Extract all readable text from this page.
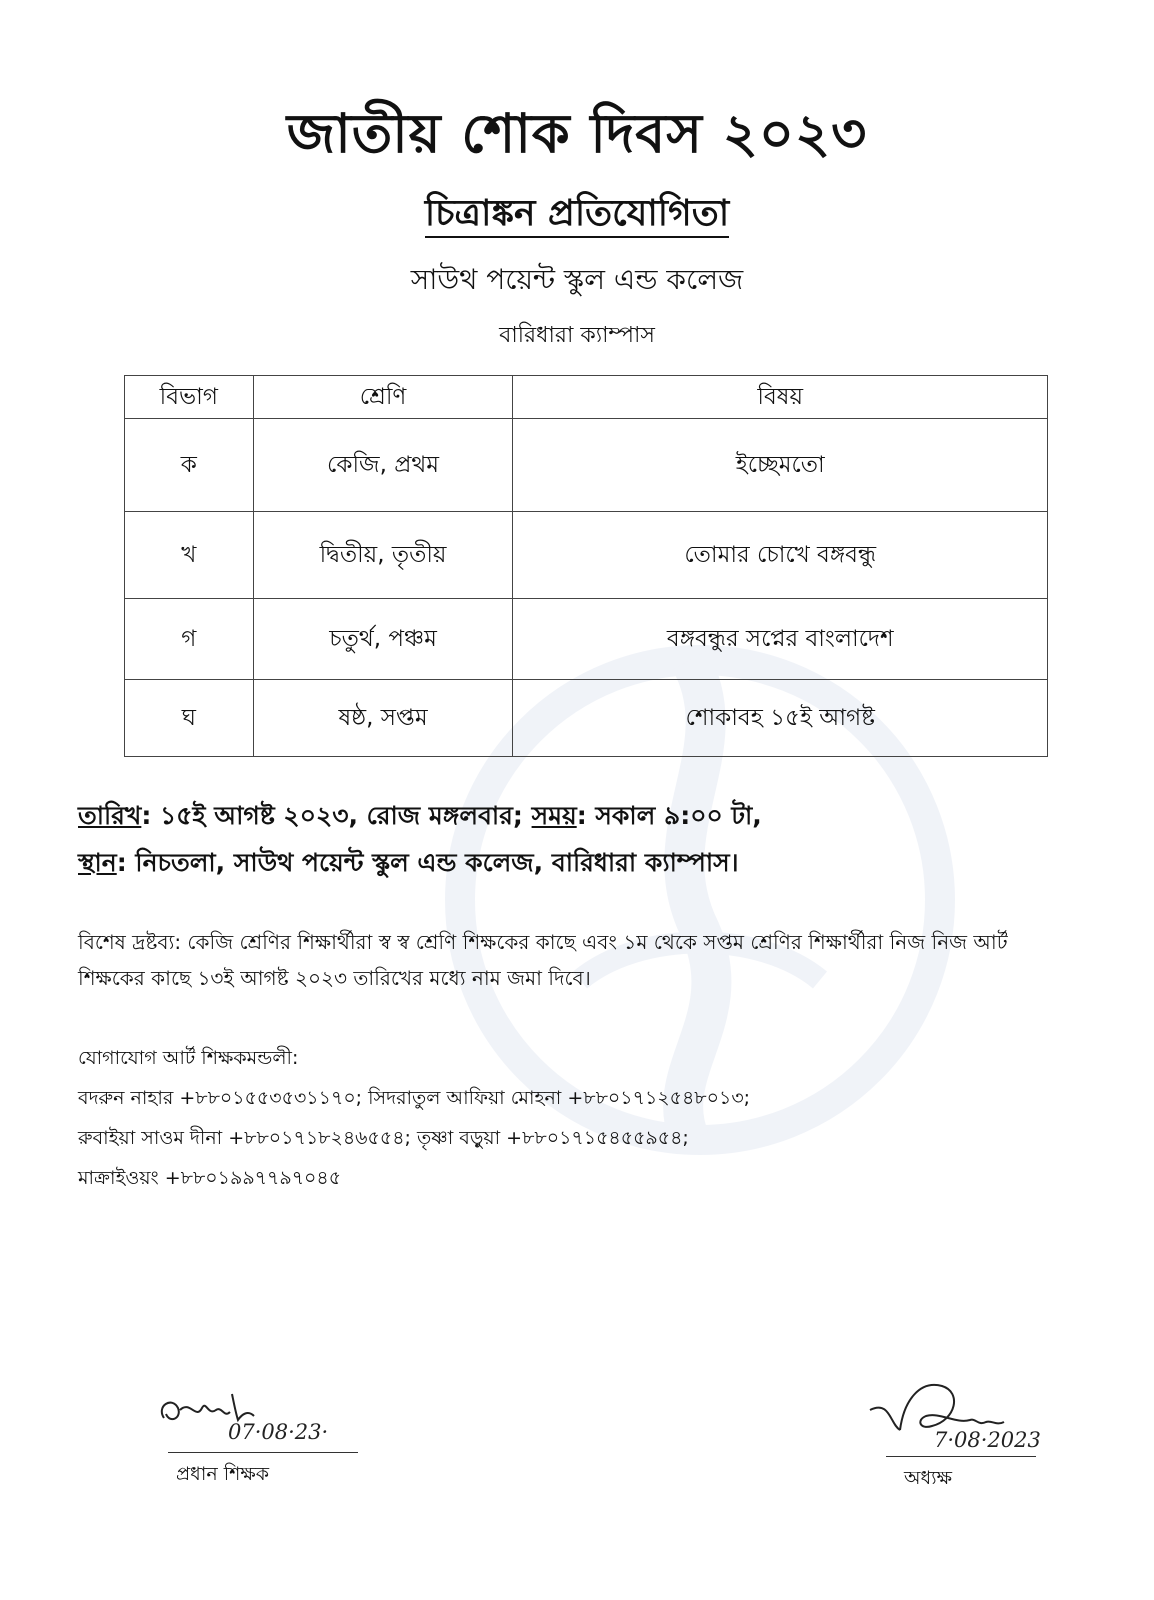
জাতীয় শোক দিবস ২০২৩
চিত্রাঙ্কন প্রতিযোগিতা
সাউথ পয়েন্ট স্কুল এন্ড কলেজ
বারিধারা ক্যাম্পাস
বিভাগ	শ্রেণি	বিষয়
ক	কেজি, প্রথম	ইচ্ছেমতো
খ	দ্বিতীয়, তৃতীয়	তোমার চোখে বঙ্গবন্ধু
গ	চতুর্থ, পঞ্চম	বঙ্গবন্ধুর সপ্নের বাংলাদেশ
ঘ	ষষ্ঠ, সপ্তম	শোকাবহ ১৫ই আগষ্ট
তারিখ: ১৫ই আগষ্ট ২০২৩, রোজ মঙ্গলবার; সময়: সকাল ৯:০০ টা,
স্থান: নিচতলা, সাউথ পয়েন্ট স্কুল এন্ড কলেজ, বারিধারা ক্যাম্পাস।
বিশেষ দ্রষ্টব্য: কেজি শ্রেণির শিক্ষার্থীরা স্ব স্ব শ্রেণি শিক্ষকের কাছে এবং ১ম থেকে সপ্তম শ্রেণির শিক্ষার্থীরা নিজ নিজ আর্ট শিক্ষকের কাছে ১৩ই আগষ্ট ২০২৩ তারিখের মধ্যে নাম জমা দিবে।
যোগাযোগ আর্ট শিক্ষকমন্ডলী:
বদরুন নাহার +৮৮০১৫৫৩৫৩১১৭০; সিদরাতুল আফিয়া মোহনা +৮৮০১৭১২৫৪৮০১৩;
রুবাইয়া সাওম দীনা +৮৮০১৭১৮২৪৬৫৫৪; তৃষ্ণা বড়ুয়া +৮৮০১৭১৫৪৫৫৯৫৪;
মাক্রাইওয়ং +৮৮০১৯৯৭৭৯৭০৪৫
07·08·23·
প্রধান শিক্ষক
7·08·2023
অধ্যক্ষ
